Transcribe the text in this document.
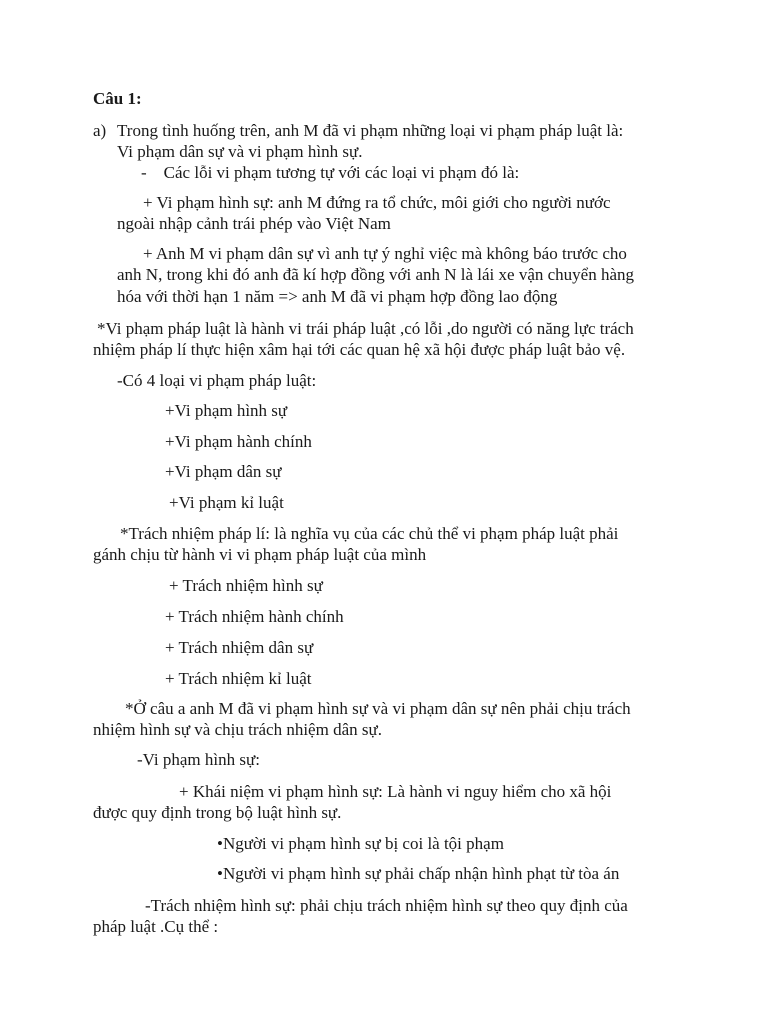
Câu 1:
a) Trong tình huống trên, anh M đã vi phạm những loại vi phạm pháp luật là:
Vi phạm dân sự và vi phạm hình sự.
-    Các lỗi vi phạm tương tự với các loại vi phạm đó là:
+ Vi phạm hình sự: anh M đứng ra tổ chức, môi giới cho người nước
ngoài nhập cảnh trái phép vào Việt Nam
+ Anh M vi phạm dân sự vì anh tự ý nghỉ việc mà không báo trước cho
anh N, trong khi đó anh đã kí hợp đồng với anh N là lái xe vận chuyển hàng
hóa với thời hạn 1 năm => anh M đã vi phạm hợp đồng lao động
*Vi phạm pháp luật là hành vi trái pháp luật ,có lỗi ,do người có năng lực trách
nhiệm pháp lí thực hiện xâm hại tới các quan hệ xã hội được pháp luật bảo vệ.
-Có 4 loại vi phạm pháp luật:
+Vi phạm hình sự
+Vi phạm hành chính
+Vi phạm dân sự
+Vi phạm kỉ luật
*Trách nhiệm pháp lí: là nghĩa vụ của các chủ thể vi phạm pháp luật phải
gánh chịu từ hành vi vi phạm pháp luật của mình
+ Trách nhiệm hình sự
+ Trách nhiệm hành chính
+ Trách nhiệm dân sự
+ Trách nhiệm kỉ luật
*Ở câu a anh M đã vi phạm hình sự và vi phạm dân sự nên phải chịu trách
nhiệm hình sự và chịu trách nhiệm dân sự.
-Vi phạm hình sự:
+ Khái niệm vi phạm hình sự: Là hành vi nguy hiểm cho xã hội
được quy định trong bộ luật hình sự.
•Người vi phạm hình sự bị coi là tội phạm
•Người vi phạm hình sự phải chấp nhận hình phạt từ tòa án
-Trách nhiệm hình sự: phải chịu trách nhiệm hình sự theo quy định của
pháp luật .Cụ thể :
